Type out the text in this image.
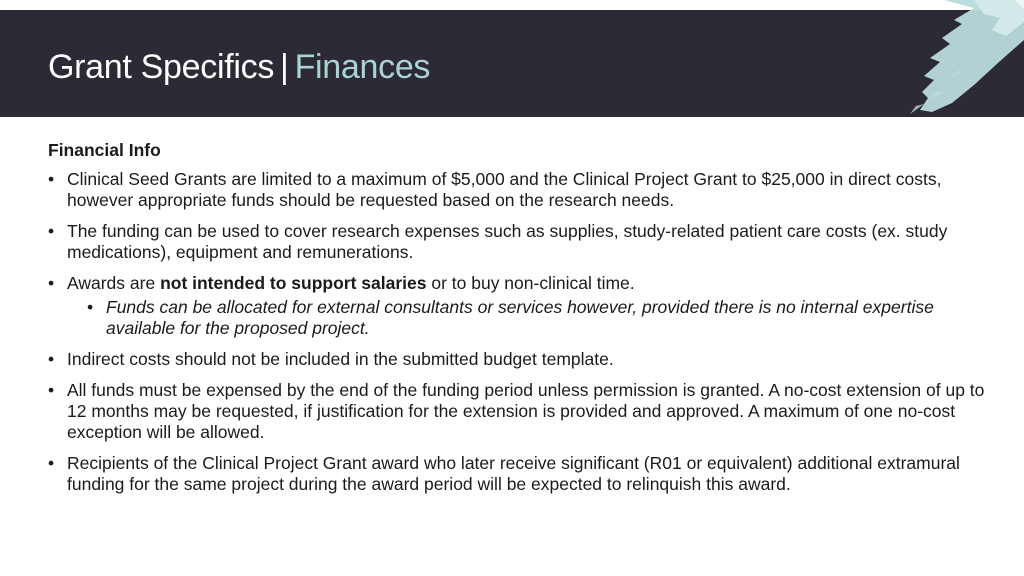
Grant Specifics | Finances
Financial Info
• Clinical Seed Grants are limited to a maximum of $5,000 and the Clinical Project Grant to $25,000 in direct costs, however appropriate funds should be requested based on the research needs.
• The funding can be used to cover research expenses such as supplies, study-related patient care costs (ex. study medications), equipment and remunerations.
• Awards are not intended to support salaries or to buy non-clinical time.
• Funds can be allocated for external consultants or services however, provided there is no internal expertise available for the proposed project.
• Indirect costs should not be included in the submitted budget template.
• All funds must be expensed by the end of the funding period unless permission is granted. A no-cost extension of up to 12 months may be requested, if justification for the extension is provided and approved. A maximum of one no-cost exception will be allowed.
• Recipients of the Clinical Project Grant award who later receive significant (R01 or equivalent) additional extramural funding for the same project during the award period will be expected to relinquish this award.
